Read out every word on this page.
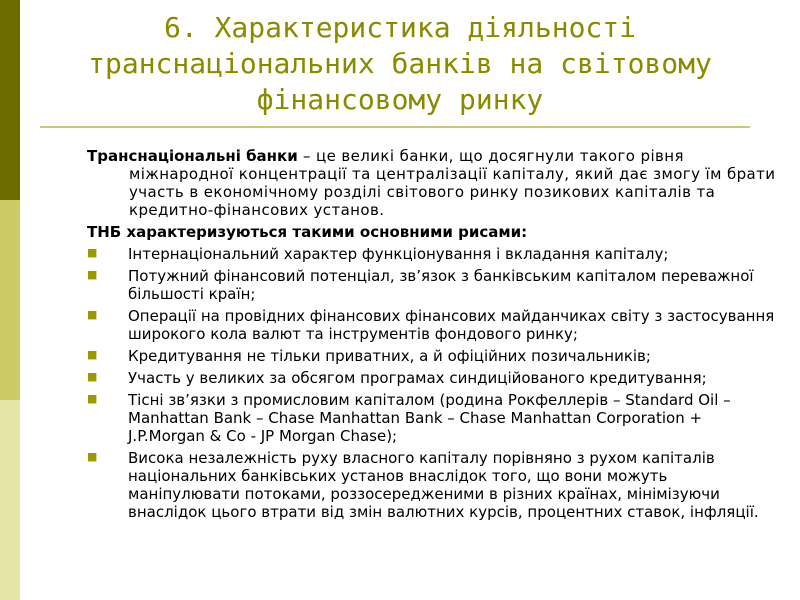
6. Характеристика діяльності транснаціональних банків на світовому фінансовому ринку

Транснаціональні банки – це великі банки, що досягнули такого рівня міжнародної концентрації та централізації капіталу, який дає змогу їм брати участь в економічному розділі світового ринку позикових капіталів та кредитно-фінансових установ.

ТНБ характеризуються такими основними рисами:

■ Інтернаціональний характер функціонування і вкладання капіталу;
■ Потужний фінансовий потенціал, зв’язок з банківським капіталом переважної більшості країн;
■ Операції на провідних фінансових фінансових майданчиках світу з застосування широкого кола валют та інструментів фондового ринку;
■ Кредитування не тільки приватних, а й офіційних позичальників;
■ Участь у великих за обсягом програмах синдиційованого кредитування;
■ Тісні зв’язки з промисловим капіталом (родина Рокфеллерів – Standard Oil – Manhattan Bank – Chase Manhattan Bank – Chase Manhattan Corporation + J.P.Morgan & Co - JP Morgan Chase);
■ Висока незалежність руху власного капіталу порівняно з рухом капіталів національних банківських установ внаслідок того, що вони можуть маніпулювати потоками, роззосередженими в різних країнах, мінімізуючи внаслідок цього втрати від змін валютних курсів, процентних ставок, інфляції.
